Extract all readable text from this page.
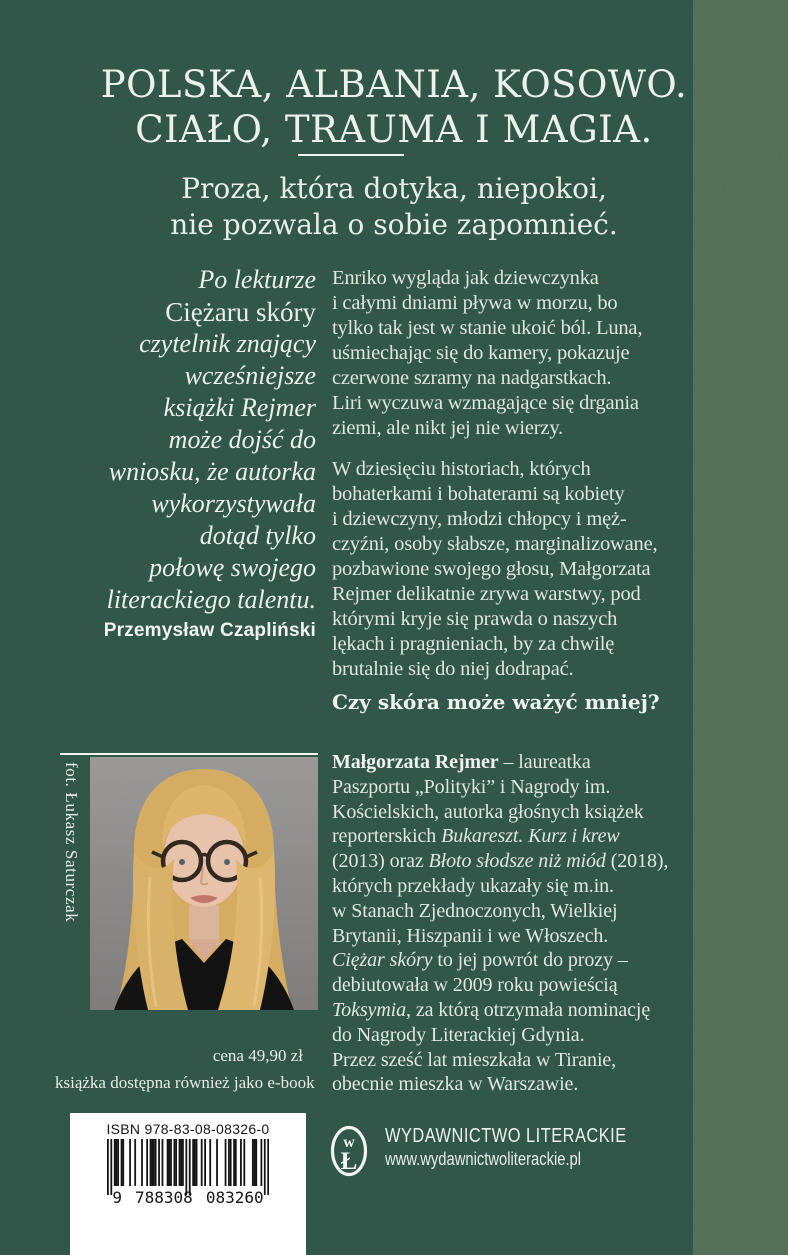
POLSKA, ALBANIA, KOSOWO.
CIAŁO, TRAUMA I MAGIA.
Proza, która dotyka, niepokoi,
nie pozwala o sobie zapomnieć.
Po lekturze
Ciężaru skóry
czytelnik znający
wcześniejsze
książki Rejmer
może dojść do
wniosku, że autorka
wykorzystywała
dotąd tylko
połowę swojego
literackiego talentu.
Przemysław Czapliński
Enriko wygląda jak dziewczynka
i całymi dniami pływa w morzu, bo
tylko tak jest w stanie ukoić ból. Luna,
uśmiechając się do kamery, pokazuje
czerwone szramy na nadgarstkach.
Liri wyczuwa wzmagające się drgania
ziemi, ale nikt jej nie wierzy.
W dziesięciu historiach, których
bohaterkami i bohaterami są kobiety
i dziewczyny, młodzi chłopcy i męż-
czyźni, osoby słabsze, marginalizowane,
pozbawione swojego głosu, Małgorzata
Rejmer delikatnie zrywa warstwy, pod
którymi kryje się prawda o naszych
lękach i pragnieniach, by za chwilę
brutalnie się do niej dodrapać.
Czy skóra może ważyć mniej?
fot. Łukasz Saturczak	Małgorzata Rejmer – laureatka
Paszportu „Polityki” i Nagrody im.
Kościelskich, autorka głośnych książek
reporterskich Bukareszt. Kurz i krew
(2013) oraz Błoto słodsze niż miód (2018),
których przekłady ukazały się m.in.
w Stanach Zjednoczonych, Wielkiej
Brytanii, Hiszpanii i we Włoszech.
Ciężar skóry to jej powrót do prozy –
debiutowała w 2009 roku powieścią
Toksymia, za którą otrzymała nominację
do Nagrody Literackiej Gdynia.
Przez sześć lat mieszkała w Tiranie,
obecnie mieszka w Warszawie.
cena 49,90 zł
książka dostępna również jako e-book
ISBN 978-83-08-08326-0
9 788308 083260
w
Ł
WYDAWNICTWO LITERACKIE
www.wydawnictwoliterackie.pl
